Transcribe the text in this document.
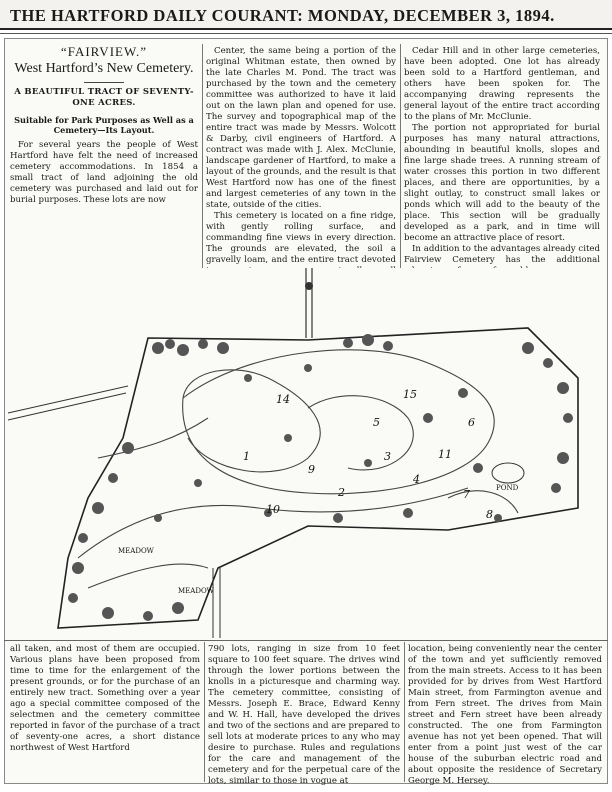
THE HARTFORD DAILY COURANT: MONDAY, DECEMBER 3, 1894.
“FAIRVIEW.”
West Hartford’s New Cemetery.
A BEAUTIFUL TRACT OF SEVENTY-ONE ACRES.
Suitable for Park Purposes as Well as a Cemetery—Its Layout.

For several years the people of West Hartford have felt the need of increased cemetery accommodations. In 1854 a small tract of land adjoining the old cemetery was purchased and laid out for burial purposes. These lots are now

Center, the same being a portion of the original Whitman estate, then owned by the late Charles M. Pond. The tract was purchased by the town and the cemetery committee was authorized to have it laid out on the lawn plan and opened for use. The survey and topographical map of the entire tract was made by Messrs. Wolcott & Darby, civil engineers of Hartford. A contract was made with J. Alex. McClunie, landscape gardener of Hartford, to make a layout of the grounds, and the result is that West Hartford now has one of the finest and largest cemeteries of any town in the state, outside of the cities.

This cemetery is located on a fine ridge, with gently rolling surface, and commanding fine views in every direction. The grounds are elevated, the soil a gravelly loam, and the entire tract devoted

Cedar Hill and in other large cemeteries, have been adopted. One lot has already been sold to a Hartford gentleman, and others have been spoken for. The accompanying drawing represents the general layout of the entire tract according to the plans of Mr. McClunie.

The portion not appropriated for burial purposes has many natural attractions, abounding in beautiful knolls, slopes and fine large shade trees. A running stream of water crosses this portion in two different places, and there are opportunities, by a slight outlay, to construct small lakes or ponds which will add to the beauty of the place. This section will be gradually developed as a park, and in time will become an attractive place of resort.

In addition to the advantages already cited Fairview Cemetery has the additional

1
2
3
4
5	6
7
8
9
10
11
14	15
MEADOW
MEADOW
POND

all taken, and most of them are occupied. Various plans have been proposed from time to time for the enlargement of the present grounds, or for the purchase of an entirely new tract. Something over a year ago a special committee composed of the selectmen and the cemetery committee reported in favor of the purchase of a tract of seventy-one acres, a short distance northwest of West Hartford

790 lots, ranging in size from 10 feet square to 100 feet square. The drives wind through the lower portions between the knolls in a picturesque and charming way. The cemetery committee, consisting of Messrs. Joseph E. Brace, Edward Kenny and W. H. Hall, have developed the drives and two of the sections and are prepared to sell lots at moderate prices to any who may desire to purchase. Rules and regulations for the care and management of the cemetery and for the perpetual care of the lots, similar to those in vogue at

location, being conveniently near the center of the town and yet sufficiently removed from the main streets. Access to it has been provided for by drives from West Hartford Main street, from Farmington avenue and from Fern street. The drives from Main street and Fern street have been already constructed. The one from Farmington avenue has not yet been opened. That will enter from a point just west of the car house of the suburban electric road and about opposite the residence of Secretary George M. Hersey.
